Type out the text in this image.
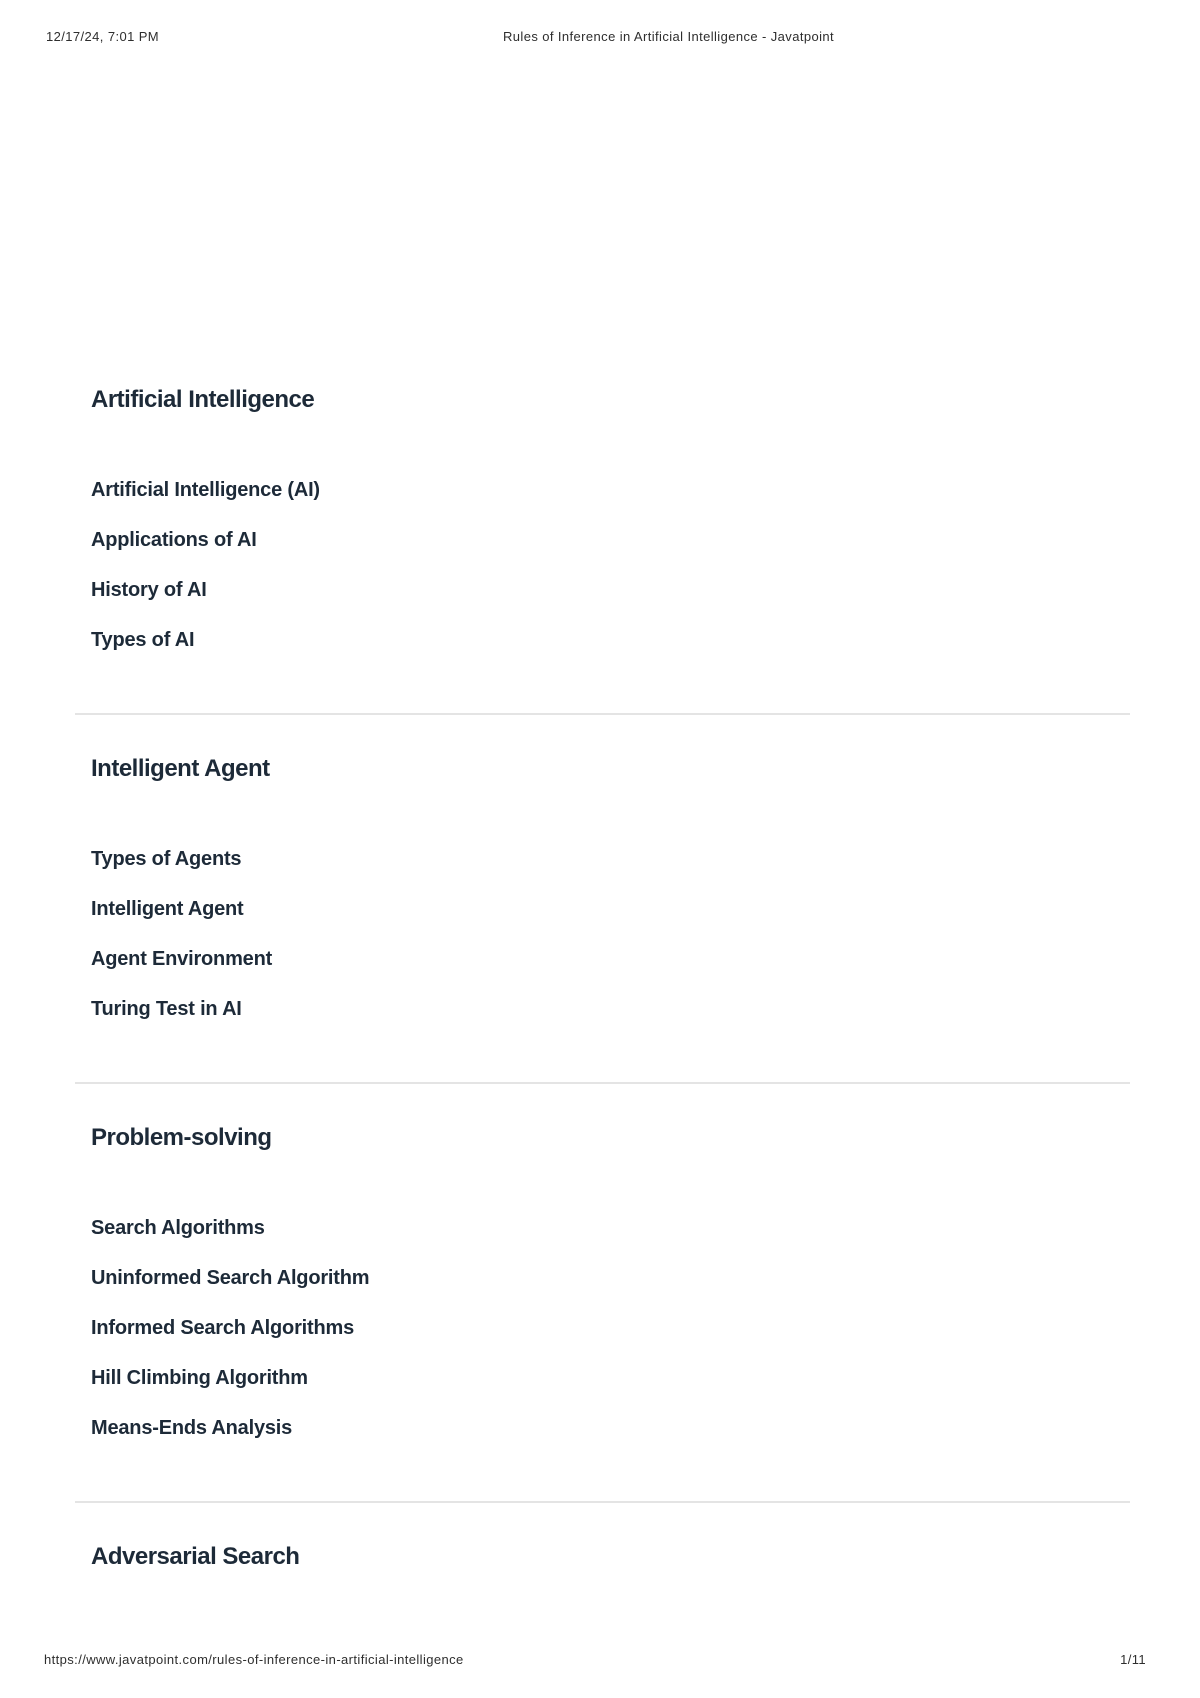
12/17/24, 7:01 PM	Rules of Inference in Artificial Intelligence - Javatpoint
Artificial Intelligence
Artificial Intelligence (AI)
Applications of AI
History of AI
Types of AI
Intelligent Agent
Types of Agents
Intelligent Agent
Agent Environment
Turing Test in AI
Problem-solving
Search Algorithms
Uninformed Search Algorithm
Informed Search Algorithms
Hill Climbing Algorithm
Means-Ends Analysis
Adversarial Search
https://www.javatpoint.com/rules-of-inference-in-artificial-intelligence	1/11
